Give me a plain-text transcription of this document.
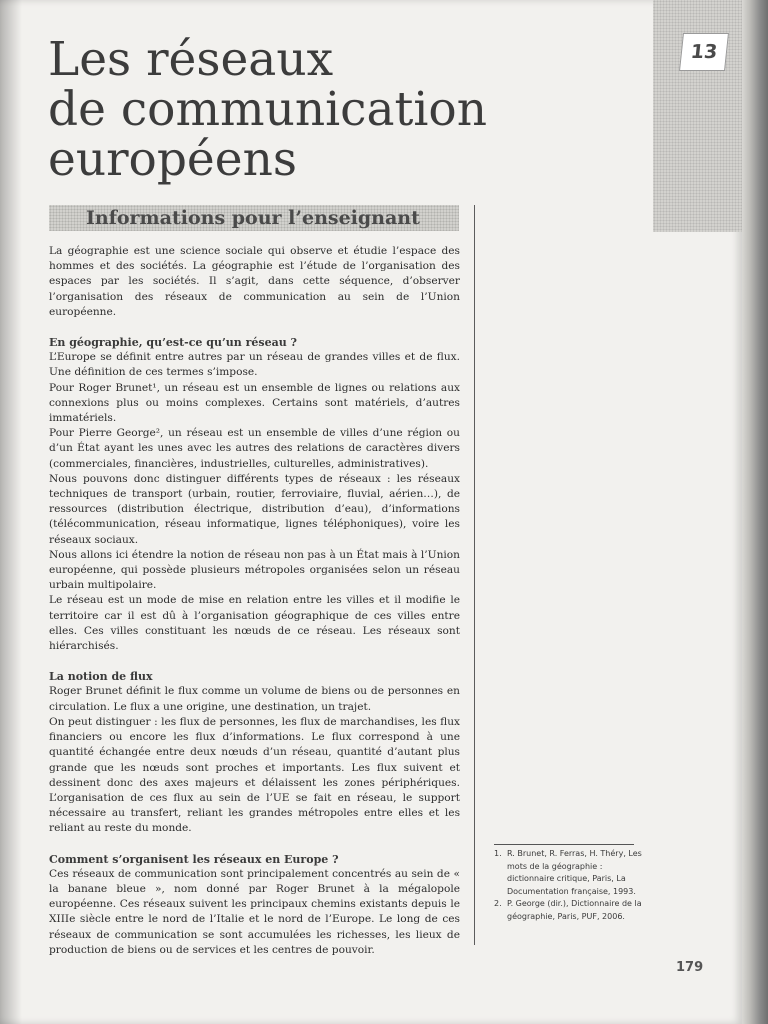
13
Les réseaux
de communication
européens
Informations pour l’enseignant

La géographie est une science sociale qui observe et étudie l’espace des hommes et des sociétés. La géographie est l’étude de l’organisation des espaces par les sociétés. Il s’agit, dans cette séquence, d’observer l’organisation des réseaux de communication au sein de l’Union européenne.

En géographie, qu’est-ce qu’un réseau ?

L’Europe se définit entre autres par un réseau de grandes villes et de flux. Une définition de ces termes s’impose.

Pour Roger Brunet¹, un réseau est un ensemble de lignes ou relations aux connexions plus ou moins complexes. Certains sont matériels, d’autres immatériels.

Pour Pierre George², un réseau est un ensemble de villes d’une région ou d’un État ayant les unes avec les autres des relations de caractères divers (commerciales, financières, industrielles, culturelles, administratives).

Nous pouvons donc distinguer différents types de réseaux : les réseaux techniques de transport (urbain, routier, ferroviaire, fluvial, aérien…), de ressources (distribution électrique, distribution d’eau), d’informations (télécommunication, réseau informatique, lignes téléphoniques), voire les réseaux sociaux.

Nous allons ici étendre la notion de réseau non pas à un État mais à l’Union européenne, qui possède plusieurs métropoles organisées selon un réseau urbain multipolaire.

Le réseau est un mode de mise en relation entre les villes et il modifie le territoire car il est dû à l’organisation géographique de ces villes entre elles. Ces villes constituant les nœuds de ce réseau. Les réseaux sont hiérarchisés.

La notion de flux

Roger Brunet définit le flux comme un volume de biens ou de personnes en circulation. Le flux a une origine, une destination, un trajet.

On peut distinguer : les flux de personnes, les flux de marchandises, les flux financiers ou encore les flux d’informations. Le flux correspond à une quantité échangée entre deux nœuds d’un réseau, quantité d’autant plus grande que les nœuds sont proches et importants. Les flux suivent et dessinent donc des axes majeurs et délaissent les zones périphériques. L’organisation de ces flux au sein de l’UE se fait en réseau, le support nécessaire au transfert, reliant les grandes métropoles entre elles et les reliant au reste du monde.

Comment s’organisent les réseaux en Europe ?

Ces réseaux de communication sont principalement concentrés au sein de « la banane bleue », nom donné par Roger Brunet à la mégalopole européenne. Ces réseaux suivent les principaux chemins existants depuis le XIIIe siècle entre le nord de l’Italie et le nord de l’Europe. Le long de ces réseaux de communication se sont accumulées les richesses, les lieux de production de biens ou de services et les centres de pouvoir.

1. R. Brunet, R. Ferras, H. Théry, Les mots de la géographie : dictionnaire critique, Paris, La Documentation française, 1993.
2. P. George (dir.), Dictionnaire de la géographie, Paris, PUF, 2006.
179
